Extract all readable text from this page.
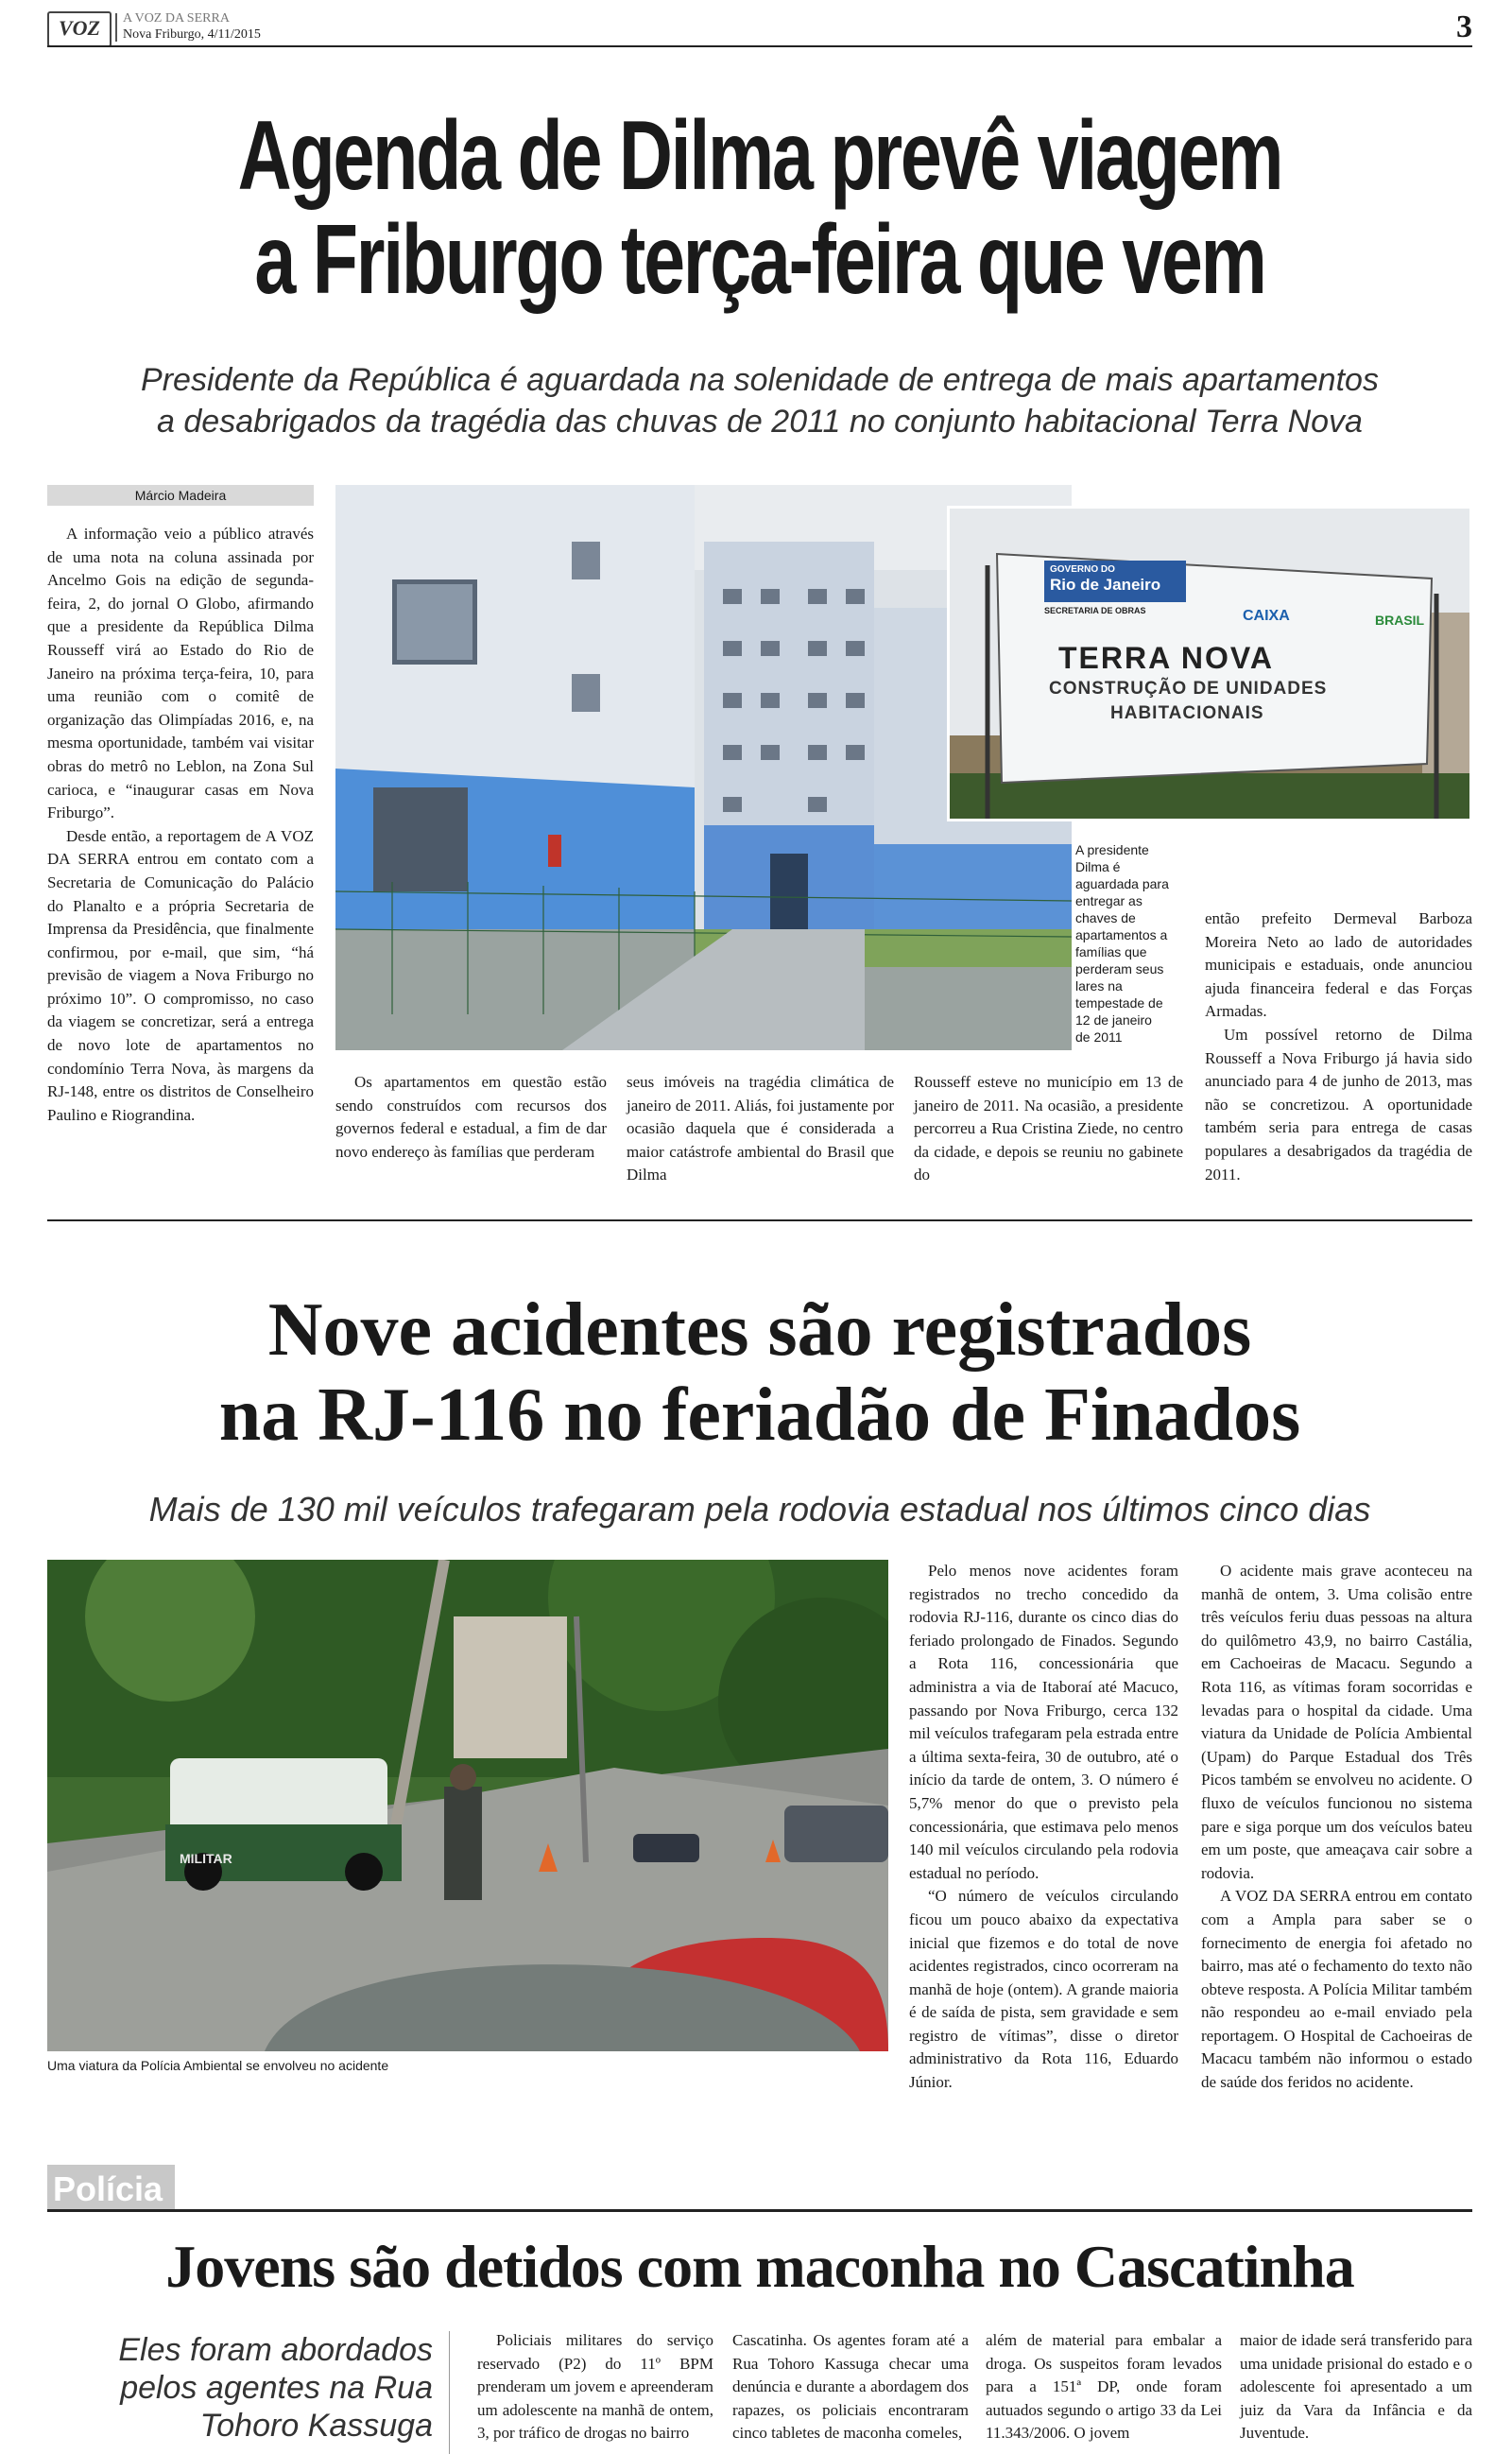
VOZ	A VOZ DA SERRA
Nova Friburgo, 4/11/2015	3
Agenda de Dilma prevê viagem
a Friburgo terça-feira que vem
Presidente da República é aguardada na solenidade de entrega de mais apartamentos
a desabrigados da tragédia das chuvas de 2011 no conjunto habitacional Terra Nova
Márcio Madeira

A informação veio a público através de uma nota na coluna assinada por Ancelmo Gois na edição de segunda-feira, 2, do jornal O Globo, afirmando que a presidente da República Dilma Rousseff virá ao Estado do Rio de Janeiro na próxima terça-feira, 10, para uma reunião com o comitê de organização das Olimpíadas 2016, e, na mesma oportunidade, também vai visitar obras do metrô no Leblon, na Zona Sul carioca, e “inaugurar casas em Nova Friburgo”.

Desde então, a reportagem de A VOZ DA SERRA entrou em contato com a Secretaria de Comunicação do Palácio do Planalto e a própria Secretaria de Imprensa da Presidência, que finalmente confirmou, por e-mail, que sim, “há previsão de viagem a Nova Friburgo no próximo 10”. O compromisso, no caso da viagem se concretizar, será a entrega de novo lote de apartamentos no condomínio Terra Nova, às margens da RJ-148, entre os distritos de Conselheiro Paulino e Riograndina.

GOVERNO DO
Rio de Janeiro
SECRETARIA DE OBRAS	CAIXA	BRASIL
TERRA NOVA
CONSTRUÇÃO DE UNIDADES
HABITACIONAIS
A presidente Dilma é aguardada para entregar as chaves de apartamentos a famílias que perderam seus lares na tempestade de 12 de janeiro de 2011

Os apartamentos em questão estão sendo construídos com recursos dos governos federal e estadual, a fim de dar novo endereço às famílias que perderam

seus imóveis na tragédia climática de janeiro de 2011. Aliás, foi justamente por ocasião daquela que é considerada a maior catástrofe ambiental do Brasil que Dilma

Rousseff esteve no município em 13 de janeiro de 2011. Na ocasião, a presidente percorreu a Rua Cristina Ziede, no centro da cidade, e depois se reuniu no gabinete do

então prefeito Dermeval Barboza Moreira Neto ao lado de autoridades municipais e estaduais, onde anunciou ajuda financeira federal e das Forças Armadas.

Um possível retorno de Dilma Rousseff a Nova Friburgo já havia sido anunciado para 4 de junho de 2013, mas não se concretizou. A oportunidade também seria para entrega de casas populares a desabrigados da tragédia de 2011.

Nove acidentes são registrados
na RJ-116 no feriadão de Finados
Mais de 130 mil veículos trafegaram pela rodovia estadual nos últimos cinco dias
MILITAR
Uma viatura da Polícia Ambiental se envolveu no acidente

Pelo menos nove acidentes foram registrados no trecho concedido da rodovia RJ-116, durante os cinco dias do feriado prolongado de Finados. Segundo a Rota 116, concessionária que administra a via de Itaboraí até Macuco, passando por Nova Friburgo, cerca 132 mil veículos trafegaram pela estrada entre a última sexta-feira, 30 de outubro, até o início da tarde de ontem, 3. O número é 5,7% menor do que o previsto pela concessionária, que estimava pelo menos 140 mil veículos circulando pela rodovia estadual no período.

“O número de veículos circulando ficou um pouco abaixo da expectativa inicial que fizemos e do total de nove acidentes registrados, cinco ocorreram na manhã de hoje (ontem). A grande maioria é de saída de pista, sem gravidade e sem registro de vítimas”, disse o diretor administrativo da Rota 116, Eduardo Júnior.

O acidente mais grave aconteceu na manhã de ontem, 3. Uma colisão entre três veículos feriu duas pessoas na altura do quilômetro 43,9, no bairro Castália, em Cachoeiras de Macacu. Segundo a Rota 116, as vítimas foram socorridas e levadas para o hospital da cidade. Uma viatura da Unidade de Polícia Ambiental (Upam) do Parque Estadual dos Três Picos também se envolveu no acidente. O fluxo de veículos funcionou no sistema pare e siga porque um dos veículos bateu em um poste, que ameaçava cair sobre a rodovia.

A VOZ DA SERRA entrou em contato com a Ampla para saber se o fornecimento de energia foi afetado no bairro, mas até o fechamento do texto não obteve resposta. A Polícia Militar também não respondeu ao e-mail enviado pela reportagem. O Hospital de Cachoeiras de Macacu também não informou o estado de saúde dos feridos no acidente.

Polícia
Jovens são detidos com maconha no Cascatinha
Eles foram abordados pelos agentes na Rua Tohoro Kassuga

Policiais militares do serviço reservado (P2) do 11º BPM prenderam um jovem e apreenderam um adolescente na manhã de ontem, 3, por tráfico de drogas no bairro

Cascatinha. Os agentes foram até a Rua Tohoro Kassuga checar uma denúncia e durante a abordagem dos rapazes, os policiais encontraram cinco tabletes de maconha comeles,

além de material para embalar a droga. Os suspeitos foram levados para a 151ª DP, onde foram autuados segundo o artigo 33 da Lei 11.343/2006. O jovem

maior de idade será transferido para uma unidade prisional do estado e o adolescente foi apresentado a um juiz da Vara da Infância e da Juventude.
